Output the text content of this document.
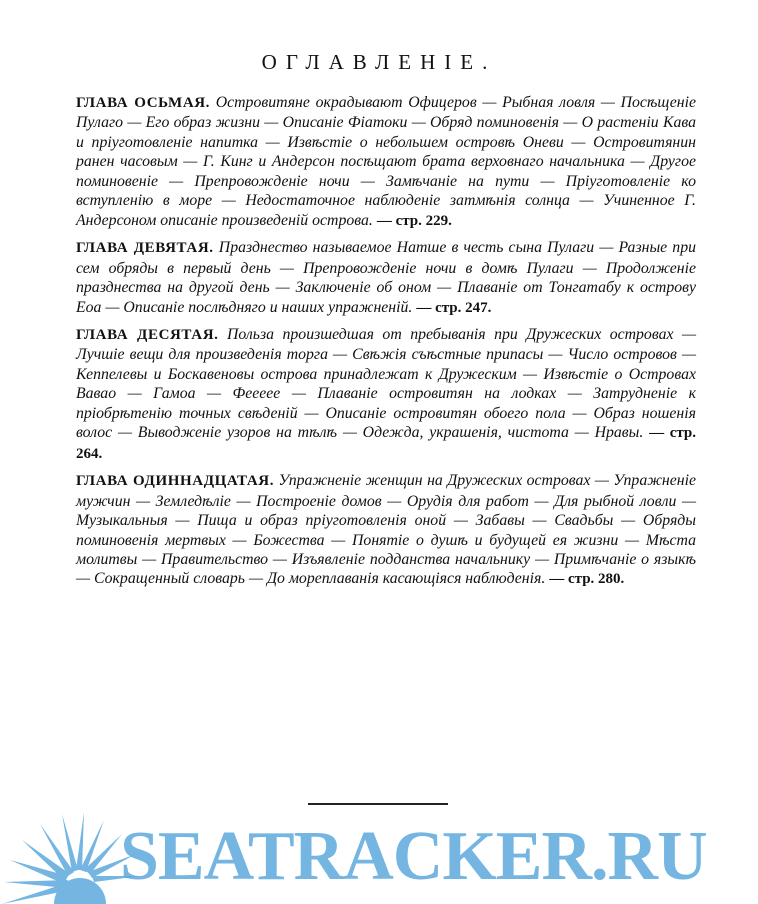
ОГЛАВЛЕНІЕ.

ГЛАВА ОСЬМАЯ. Островитяне окрадывают Офицеров — Рыбная ловля — Посѣщеніе Пулаго — Его образ жизни — Описаніе Фіатоки — Обряд поминовенія — О растеніи Кава и пріуготовленіе напитка — Извѣстіе о небольшем островѣ Оневи — Островитянин ранен часовым — Г. Кинг и Андерсон посѣщают брата верховнаго начальника — Другое поминовеніе — Препровожденіе ночи — Замѣчаніе на пути — Пріуготовленіе ко вступленію в море — Недостаточное наблюденіе затмѣнія солнца — Учиненное Г. Андерсоном описаніе произведеній острова. — стр. 229.

ГЛАВА ДЕВЯТАЯ. Празднество называемое Натше в честь сына Пулаги — Разные при сем обряды в первый день — Препровожденіе ночи в домѣ Пулаги — Продолженіе празднества на другой день — Заключеніе об оном — Плаваніе от Тонгатабу к острову Еоа — Описаніе послѣдняго и наших упражненій. — стр. 247.

ГЛАВА ДЕСЯТАЯ. Польза произшедшая от пребыванія при Дружеских островах — Лучшіе вещи для произведенія торга — Свѣжія съѣстные припасы — Число островов — Кеппелевы и Боскавеновы острова принадлежат к Дружеским — Извѣстіе о Островах Вавао — Гамоа — Феееее — Плаваніе островитян на лодках — Затрудненіе к пріобрѣтенію точных свѣденій — Описаніе островитян обоего пола — Образ ношенія волос — Выводженіе узоров на тѣлѣ — Одежда, украшенія, чистота — Нравы. — стр. 264.

ГЛАВА ОДИННАДЦАТАЯ. Упражненіе женщин на Дружеских островах — Упражненіе мужчин — Земледѣліе — Построеніе домов — Орудія для работ — Для рыбной ловли — Музыкальныя — Пища и образ пріуготовленія оной — Забавы — Свадьбы — Обряды поминовенія мертвых — Божества — Понятіе о душѣ и будущей ея жизни — Мѣста молитвы — Правительство — Изъявленіе подданства начальнику — Примѣчаніе о языкѣ — Сокращенный словарь — До мореплаванія касающіяся наблюденія. — стр. 280.

SEATRACKER.RU
